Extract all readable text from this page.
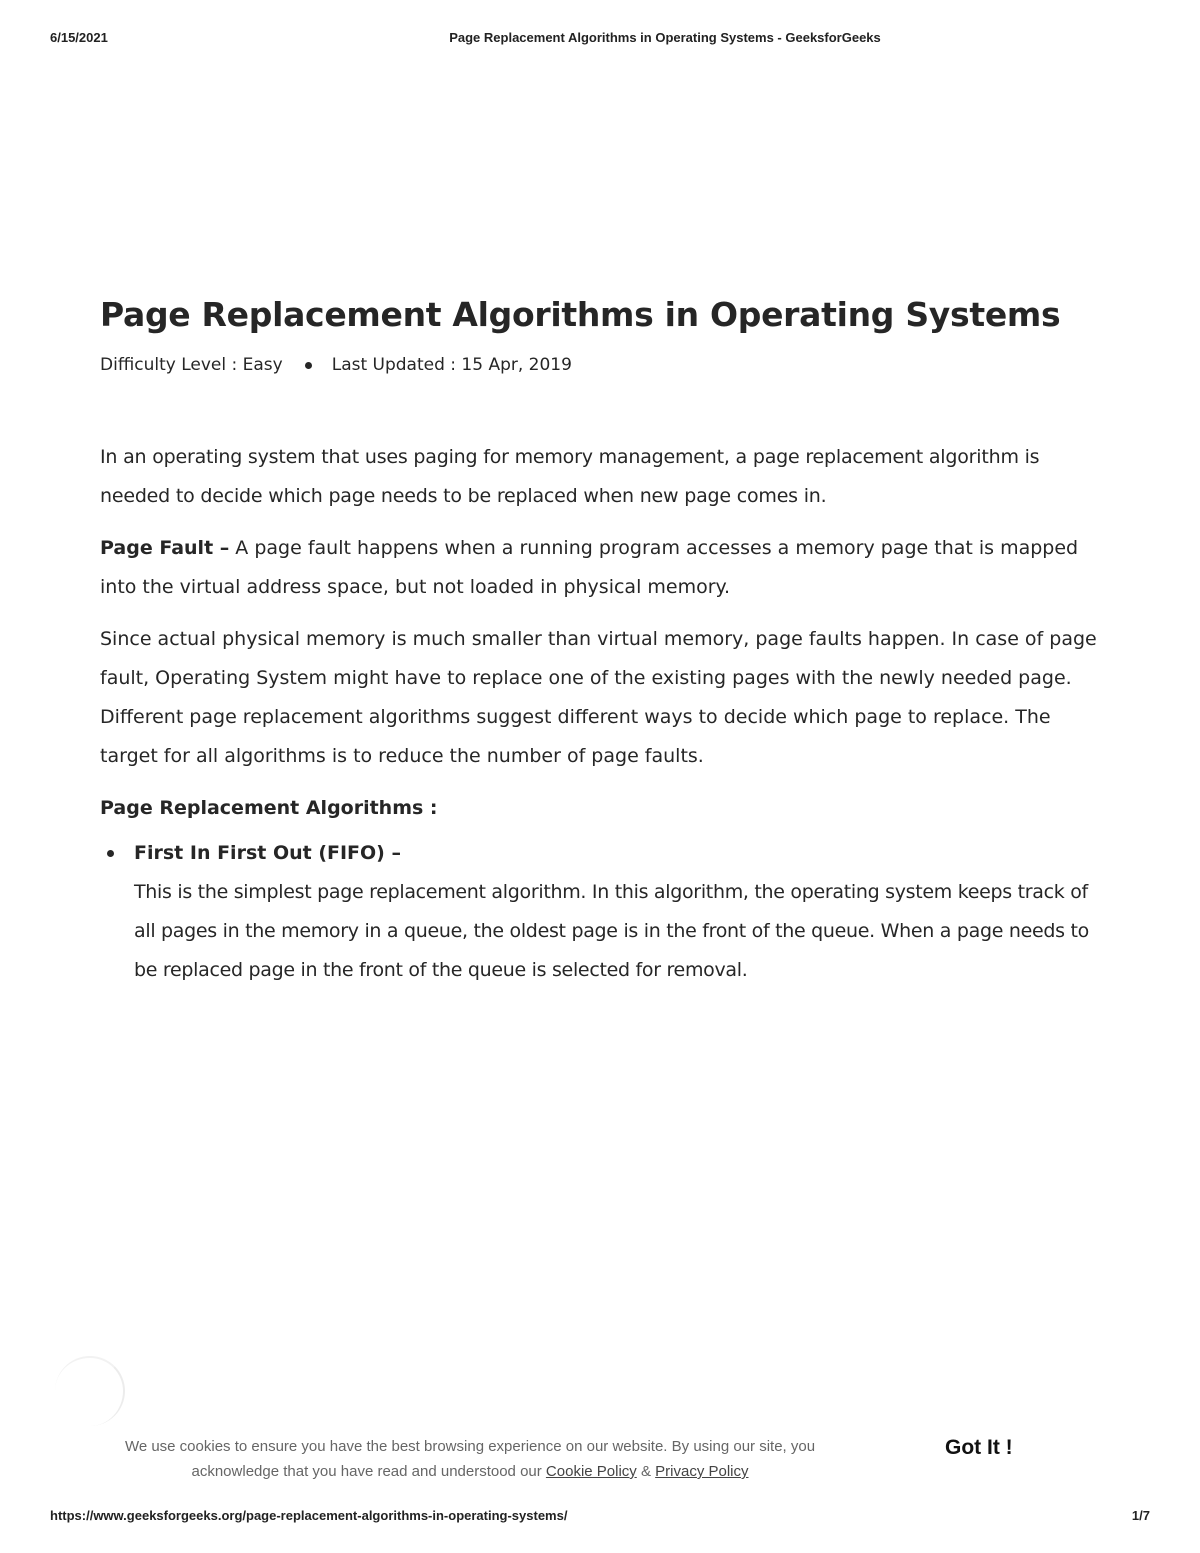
6/15/2021	Page Replacement Algorithms in Operating Systems - GeeksforGeeks
Page Replacement Algorithms in Operating Systems
Difficulty Level : Easy	Last Updated : 15 Apr, 2019

In an operating system that uses paging for memory management, a page replacement algorithm is needed to decide which page needs to be replaced when new page comes in.

Page Fault – A page fault happens when a running program accesses a memory page that is mapped into the virtual address space, but not loaded in physical memory.

Since actual physical memory is much smaller than virtual memory, page faults happen. In case of page fault, Operating System might have to replace one of the existing pages with the newly needed page. Different page replacement algorithms suggest different ways to decide which page to replace. The target for all algorithms is to reduce the number of page faults.

Page Replacement Algorithms :
First In First Out (FIFO) –
This is the simplest page replacement algorithm. In this algorithm, the operating system keeps track of all pages in the memory in a queue, the oldest page is in the front of the queue. When a page needs to be replaced page in the front of the queue is selected for removal.
We use cookies to ensure you have the best browsing experience on our website. By using our site, you acknowledge that you have read and understood our Cookie Policy & Privacy Policy
Got It !
https://www.geeksforgeeks.org/page-replacement-algorithms-in-operating-systems/	1/7
